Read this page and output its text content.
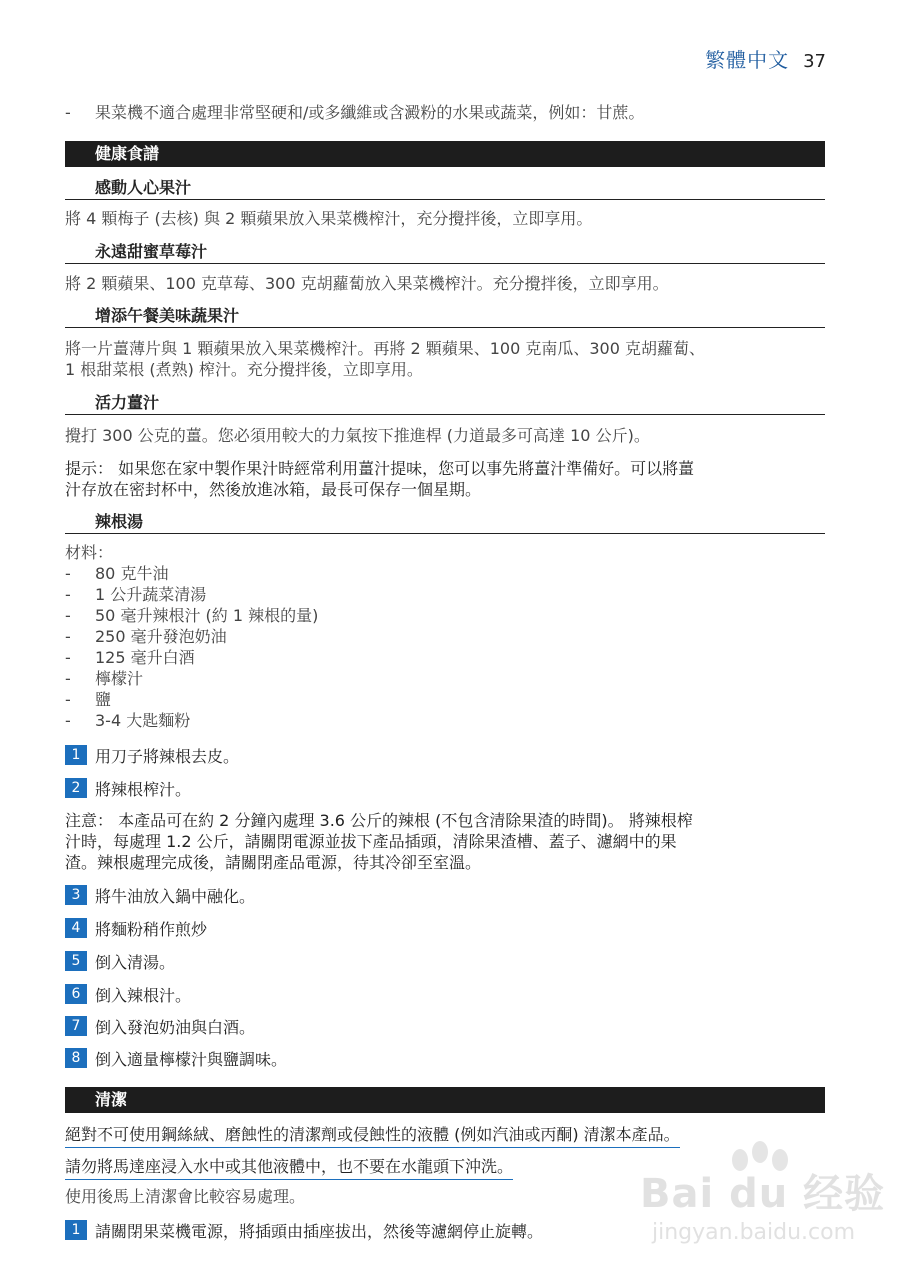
繁體中文 37
-	果菜機不適合處理非常堅硬和/或多纖維或含澱粉的水果或蔬菜，例如：甘蔗。
健康食譜
感動人心果汁
將 4 顆梅子 (去核) 與 2 顆蘋果放入果菜機榨汁，充分攪拌後，立即享用。
永遠甜蜜草莓汁
將 2 顆蘋果、100 克草莓、300 克胡蘿蔔放入果菜機榨汁。充分攪拌後，立即享用。
增添午餐美味蔬果汁
將一片薑薄片與 1 顆蘋果放入果菜機榨汁。再將 2 顆蘋果、100 克南瓜、300 克胡蘿蔔、
1 根甜菜根 (煮熟) 榨汁。充分攪拌後，立即享用。
活力薑汁
攪打 300 公克的薑。您必須用較大的力氣按下推進桿 (力道最多可高達 10 公斤)。
提示： 如果您在家中製作果汁時經常利用薑汁提味，您可以事先將薑汁準備好。可以將薑
汁存放在密封杯中，然後放進冰箱，最長可保存一個星期。
辣根湯
材料：
-	80 克牛油
-	1 公升蔬菜清湯
-	50 毫升辣根汁 (約 1 辣根的量)
-	250 毫升發泡奶油
-	125 毫升白酒
-	檸檬汁
-	鹽
-	3-4 大匙麵粉
1 用刀子將辣根去皮。
2 將辣根榨汁。
注意： 本產品可在約 2 分鐘內處理 3.6 公斤的辣根 (不包含清除果渣的時間)。 將辣根榨
汁時，每處理 1.2 公斤，請關閉電源並拔下產品插頭，清除果渣槽、蓋子、濾網中的果
渣。辣根處理完成後，請關閉產品電源，待其冷卻至室溫。
3 將牛油放入鍋中融化。
4 將麵粉稍作煎炒
5 倒入清湯。
6 倒入辣根汁。
7 倒入發泡奶油與白酒。
8 倒入適量檸檬汁與鹽調味。
清潔
絕對不可使用鋼絲絨、磨蝕性的清潔劑或侵蝕性的液體 (例如汽油或丙酮) 清潔本產品。
請勿將馬達座浸入水中或其他液體中，也不要在水龍頭下沖洗。
使用後馬上清潔會比較容易處理。
1 請關閉果菜機電源，將插頭由插座拔出，然後等濾網停止旋轉。
Bai du 经验
jingyan.baidu.com
